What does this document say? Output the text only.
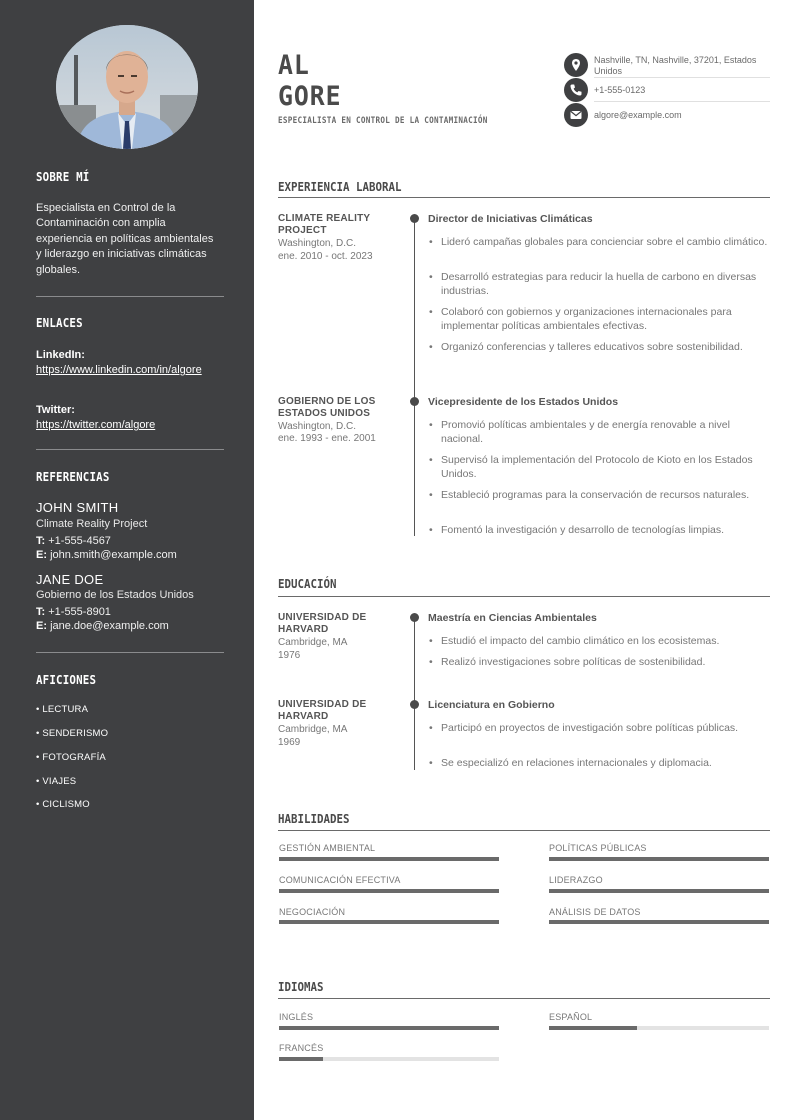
SOBRE MÍ
Especialista en Control de la Contaminación con amplia experiencia en políticas ambientales y liderazgo en iniciativas climáticas globales.
ENLACES
LinkedIn:
https://www.linkedin.com/in/algore
Twitter:
https://twitter.com/algore
REFERENCIAS
JOHN SMITH
Climate Reality Project
T: +1-555-4567
E: john.smith@example.com
JANE DOE
Gobierno de los Estados Unidos
T: +1-555-8901
E: jane.doe@example.com
AFICIONES
• LECTURA
• SENDERISMO
• FOTOGRAFÍA
• VIAJES
• CICLISMO
AL
GORE
ESPECIALISTA EN CONTROL DE LA CONTAMINACIÓN
Nashville, TN, Nashville, 37201, Estados Unidos
+1-555-0123
algore@example.com
EXPERIENCIA LABORAL
CLIMATE REALITY PROJECT
Washington, D.C.
ene. 2010 - oct. 2023
Director de Iniciativas Climáticas
• Lideró campañas globales para concienciar sobre el cambio climático.
• Desarrolló estrategias para reducir la huella de carbono en diversas industrias.
• Colaboró con gobiernos y organizaciones internacionales para implementar políticas ambientales efectivas.
• Organizó conferencias y talleres educativos sobre sostenibilidad.
GOBIERNO DE LOS ESTADOS UNIDOS
Washington, D.C.
ene. 1993 - ene. 2001
Vicepresidente de los Estados Unidos
• Promovió políticas ambientales y de energía renovable a nivel nacional.
• Supervisó la implementación del Protocolo de Kioto en los Estados Unidos.
• Estableció programas para la conservación de recursos naturales.
• Fomentó la investigación y desarrollo de tecnologías limpias.
EDUCACIÓN
UNIVERSIDAD DE HARVARD
Cambridge, MA
1976
Maestría en Ciencias Ambientales
• Estudió el impacto del cambio climático en los ecosistemas.
• Realizó investigaciones sobre políticas de sostenibilidad.
UNIVERSIDAD DE HARVARD
Cambridge, MA
1969
Licenciatura en Gobierno
• Participó en proyectos de investigación sobre políticas públicas.
• Se especializó en relaciones internacionales y diplomacia.
HABILIDADES
GESTIÓN AMBIENTAL	POLÍTICAS PÚBLICAS
COMUNICACIÓN EFECTIVA	LIDERAZGO
NEGOCIACIÓN	ANÁLISIS DE DATOS
IDIOMAS
INGLÉS	ESPAÑOL
FRANCÉS
